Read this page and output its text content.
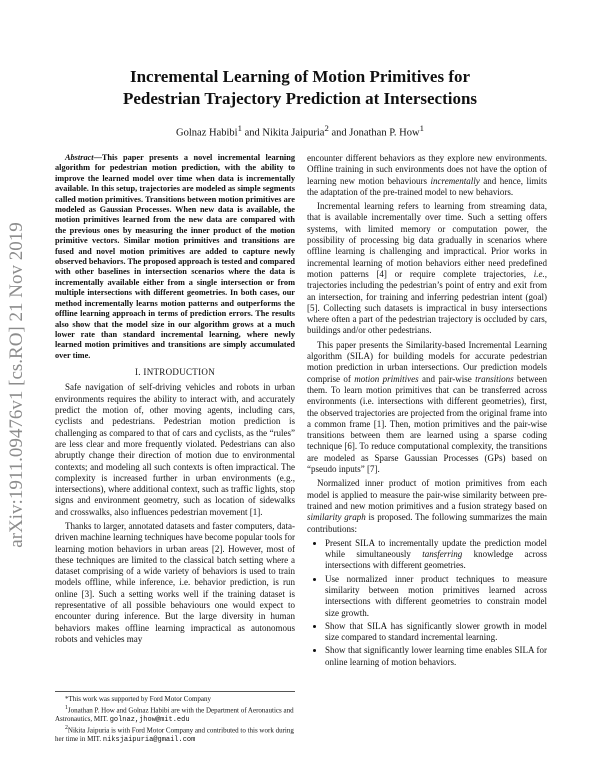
arXiv:1911.09476v1 [cs.RO] 21 Nov 2019
Incremental Learning of Motion Primitives for
Pedestrian Trajectory Prediction at Intersections
Golnaz Habibi$^1$ and Nikita Jaipuria$^2$ and Jonathan P. How$^1$

Abstract—This paper presents a novel incremental learning algorithm for pedestrian motion prediction, with the ability to improve the learned model over time when data is incrementally available. In this setup, trajectories are modeled as simple segments called motion primitives. Transitions between motion primitives are modeled as Gaussian Processes. When new data is available, the motion primitives learned from the new data are compared with the previous ones by measuring the inner product of the motion primitive vectors. Similar motion primitives and transitions are fused and novel motion primitives are added to capture newly observed behaviors. The proposed approach is tested and compared with other baselines in intersection scenarios where the data is incrementally available either from a single intersection or from multiple intersections with different geometries. In both cases, our method incrementally learns motion patterns and outperforms the offline learning approach in terms of prediction errors. The results also show that the model size in our algorithm grows at a much lower rate than standard incremental learning, where newly learned motion primitives and transitions are simply accumulated over time.

I. INTRODUCTION

Safe navigation of self-driving vehicles and robots in urban environments requires the ability to interact with, and accurately predict the motion of, other moving agents, including cars, cyclists and pedestrians. Pedestrian motion prediction is challenging as compared to that of cars and cyclists, as the “rules” are less clear and more frequently violated. Pedestrians can also abruptly change their direction of motion due to environmental contexts; and modeling all such contexts is often impractical. The complexity is increased further in urban environments (e.g., intersections), where additional context, such as traffic lights, stop signs and environment geometry, such as location of sidewalks and crosswalks, also influences pedestrian movement [1].

Thanks to larger, annotated datasets and faster computers, data-driven machine learning techniques have become popular tools for learning motion behaviors in urban areas [2]. However, most of these techniques are limited to the classical batch setting where a dataset comprising of a wide variety of behaviors is used to train models offline, while inference, i.e. behavior prediction, is run online [3]. Such a setting works well if the training dataset is representative of all possible behaviours one would expect to encounter during inference. But the large diversity in human behaviors makes offline learning impractical as autonomous robots and vehicles may

*This work was supported by Ford Motor Company
$^1$Jonathan P. How and Golnaz Habibi are with the Department of Aeronautics and Astronautics, MIT. golnaz,jhow@mit.edu
$^2$Nikita Jaipuria is with Ford Motor Company and contributed to this work during her time in MIT. niksjaipuria@gmail.com

encounter different behaviors as they explore new environments. Offline training in such environments does not have the option of learning new motion behaviours incrementally and hence, limits the adaptation of the pre-trained model to new behaviors.

Incremental learning refers to learning from streaming data, that is available incrementally over time. Such a setting offers systems, with limited memory or computation power, the possibility of processing big data gradually in scenarios where offline learning is challenging and impractical. Prior works in incremental learning of motion behaviors either need predefined motion patterns [4] or require complete trajectories, i.e., trajectories including the pedestrian’s point of entry and exit from an intersection, for training and inferring pedestrian intent (goal) [5]. Collecting such datasets is impractical in busy intersections where often a part of the pedestrian trajectory is occluded by cars, buildings and/or other pedestrians.

This paper presents the Similarity-based Incremental Learning algorithm (SILA) for building models for accurate pedestrian motion prediction in urban intersections. Our prediction models comprise of motion primitives and pair-wise transitions between them. To learn motion primitives that can be transferred across environments (i.e. intersections with different geometries), first, the observed trajectories are projected from the original frame into a common frame [1]. Then, motion primitives and the pair-wise transitions between them are learned using a sparse coding technique [6]. To reduce computational complexity, the transitions are modeled as Sparse Gaussian Processes (GPs) based on “pseudo inputs” [7].

Normalized inner product of motion primitives from each model is applied to measure the pair-wise similarity between pre-trained and new motion primitives and a fusion strategy based on similarity graph is proposed. The following summarizes the main contributions:

• Present SILA to incrementally update the prediction model while simultaneously tansferring knowledge across intersections with different geometries.
• Use normalized inner product techniques to measure similarity between motion primitives learned across intersections with different geometries to constrain model size growth.
• Show that SILA has significantly slower growth in model size compared to standard incremental learning.
• Show that significantly lower learning time enables SILA for online learning of motion behaviors.
